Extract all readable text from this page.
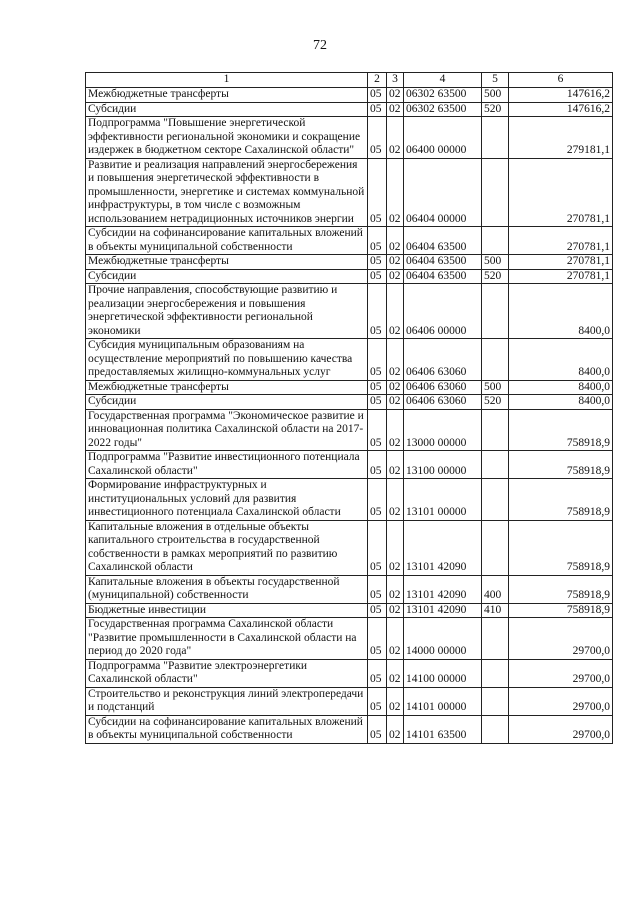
72
1	2	3	4	5	6
Межбюджетные трансферты	05	02	06302 63500	500	147616,2
Субсидии	05	02	06302 63500	520	147616,2
Подпрограмма "Повышение энергетической эффективности региональной экономики и сокращение издержек в бюджетном секторе Сахалинской области"	05	02	06400 00000		279181,1
Развитие и реализация направлений энергосбережения и повышения энергетической эффективности в промышленности, энергетике и системах коммунальной инфраструктуры, в том числе с возможным использованием нетрадиционных источников энергии	05	02	06404 00000		270781,1
Субсидии на софинансирование капитальных вложений в объекты муниципальной собственности	05	02	06404 63500		270781,1
Межбюджетные трансферты	05	02	06404 63500	500	270781,1
Субсидии	05	02	06404 63500	520	270781,1
Прочие направления, способствующие развитию и реализации энергосбережения и повышения энергетической эффективности региональной экономики	05	02	06406 00000		8400,0
Субсидия муниципальным образованиям на осуществление мероприятий по повышению качества предоставляемых жилищно-коммунальных услуг	05	02	06406 63060		8400,0
Межбюджетные трансферты	05	02	06406 63060	500	8400,0
Субсидии	05	02	06406 63060	520	8400,0
Государственная программа "Экономическое развитие и инновационная политика Сахалинской области на 2017-2022 годы"	05	02	13000 00000		758918,9
Подпрограмма "Развитие инвестиционного потенциала Сахалинской области"	05	02	13100 00000		758918,9
Формирование инфраструктурных и институциональных условий для развития инвестиционного потенциала Сахалинской области	05	02	13101 00000		758918,9
Капитальные вложения в отдельные объекты капитального строительства в государственной собственности в рамках мероприятий по развитию Сахалинской области	05	02	13101 42090		758918,9
Капитальные вложения в объекты государственной (муниципальной) собственности	05	02	13101 42090	400	758918,9
Бюджетные инвестиции	05	02	13101 42090	410	758918,9
Государственная программа Сахалинской области "Развитие промышленности в Сахалинской области на период до 2020 года"	05	02	14000 00000		29700,0
Подпрограмма "Развитие электроэнергетики Сахалинской области"	05	02	14100 00000		29700,0
Строительство и реконструкция линий электропередачи и подстанций	05	02	14101 00000		29700,0
Субсидии на софинансирование капитальных вложений в объекты муниципальной собственности	05	02	14101 63500		29700,0
